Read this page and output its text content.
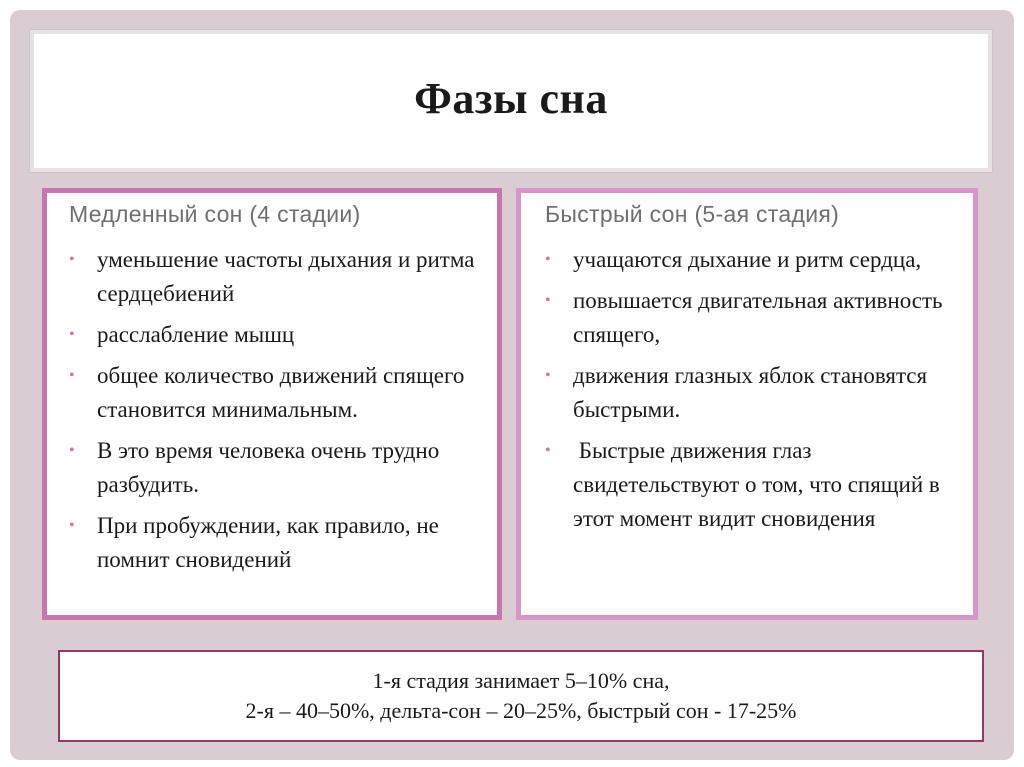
Фазы сна
Медленный сон (4 стадии)
• уменьшение частоты дыхания и ритма сердцебиений
• расслабление мышц
• общее количество движений спящего становится минимальным.
• В это время человека очень трудно разбудить.
• При пробуждении, как правило, не помнит сновидений
Быстрый сон (5-ая стадия)
• учащаются дыхание и ритм сердца,
• повышается двигательная активность спящего,
• движения глазных яблок становятся быстрыми.
• Быстрые движения глаз свидетельствуют о том, что спящий в этот момент видит сновидения
1-я стадия занимает 5–10% сна,
2-я – 40–50%, дельта-сон – 20–25%, быстрый сон - 17-25%
